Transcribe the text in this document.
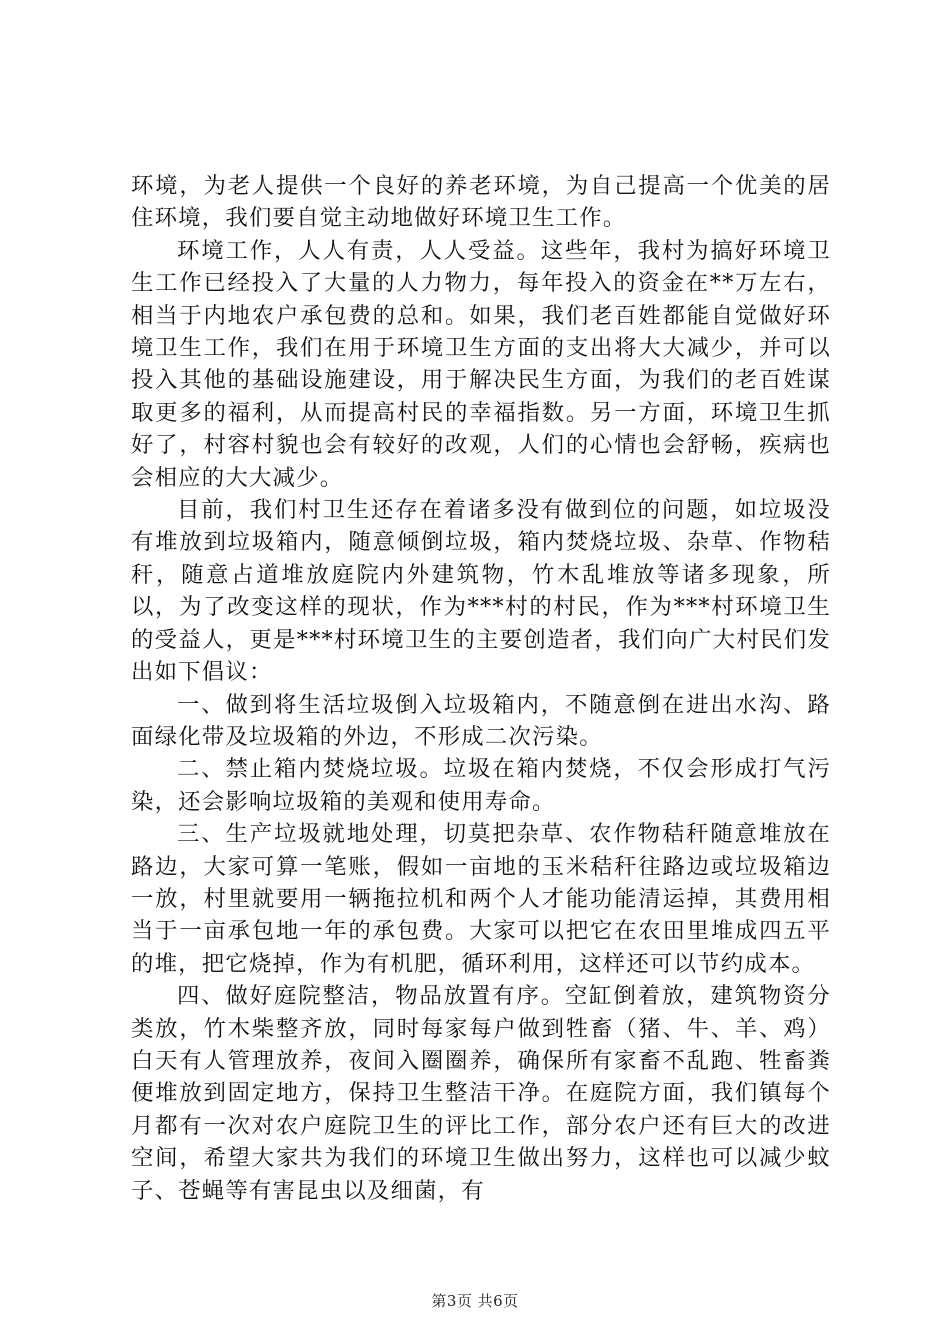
环境，为老人提供一个良好的养老环境，为自己提高一个优美的居住环境，我们要自觉主动地做好环境卫生工作。

环境工作，人人有责，人人受益。这些年，我村为搞好环境卫生工作已经投入了大量的人力物力，每年投入的资金在**万左右，相当于内地农户承包费的总和。如果，我们老百姓都能自觉做好环境卫生工作，我们在用于环境卫生方面的支出将大大减少，并可以投入其他的基础设施建设，用于解决民生方面，为我们的老百姓谋取更多的福利，从而提高村民的幸福指数。另一方面，环境卫生抓好了，村容村貌也会有较好的改观，人们的心情也会舒畅，疾病也会相应的大大减少。

目前，我们村卫生还存在着诸多没有做到位的问题，如垃圾没有堆放到垃圾箱内，随意倾倒垃圾，箱内焚烧垃圾、杂草、作物秸秆，随意占道堆放庭院内外建筑物，竹木乱堆放等诸多现象，所以，为了改变这样的现状，作为***村的村民，作为***村环境卫生的受益人，更是***村环境卫生的主要创造者，我们向广大村民们发出如下倡议：

一、做到将生活垃圾倒入垃圾箱内，不随意倒在进出水沟、路面绿化带及垃圾箱的外边，不形成二次污染。

二、禁止箱内焚烧垃圾。垃圾在箱内焚烧，不仅会形成打气污染，还会影响垃圾箱的美观和使用寿命。

三、生产垃圾就地处理，切莫把杂草、农作物秸秆随意堆放在路边，大家可算一笔账，假如一亩地的玉米秸秆往路边或垃圾箱边一放，村里就要用一辆拖拉机和两个人才能功能清运掉，其费用相当于一亩承包地一年的承包费。大家可以把它在农田里堆成四五平的堆，把它烧掉，作为有机肥，循环利用，这样还可以节约成本。

四、做好庭院整洁，物品放置有序。空缸倒着放，建筑物资分类放，竹木柴整齐放，同时每家每户做到牲畜（猪、牛、羊、鸡）白天有人管理放养，夜间入圈圈养，确保所有家畜不乱跑、牲畜粪便堆放到固定地方，保持卫生整洁干净。在庭院方面，我们镇每个月都有一次对农户庭院卫生的评比工作，部分农户还有巨大的改进空间，希望大家共为我们的环境卫生做出努力，这样也可以减少蚊子、苍蝇等有害昆虫以及细菌，有

第3页 共6页
